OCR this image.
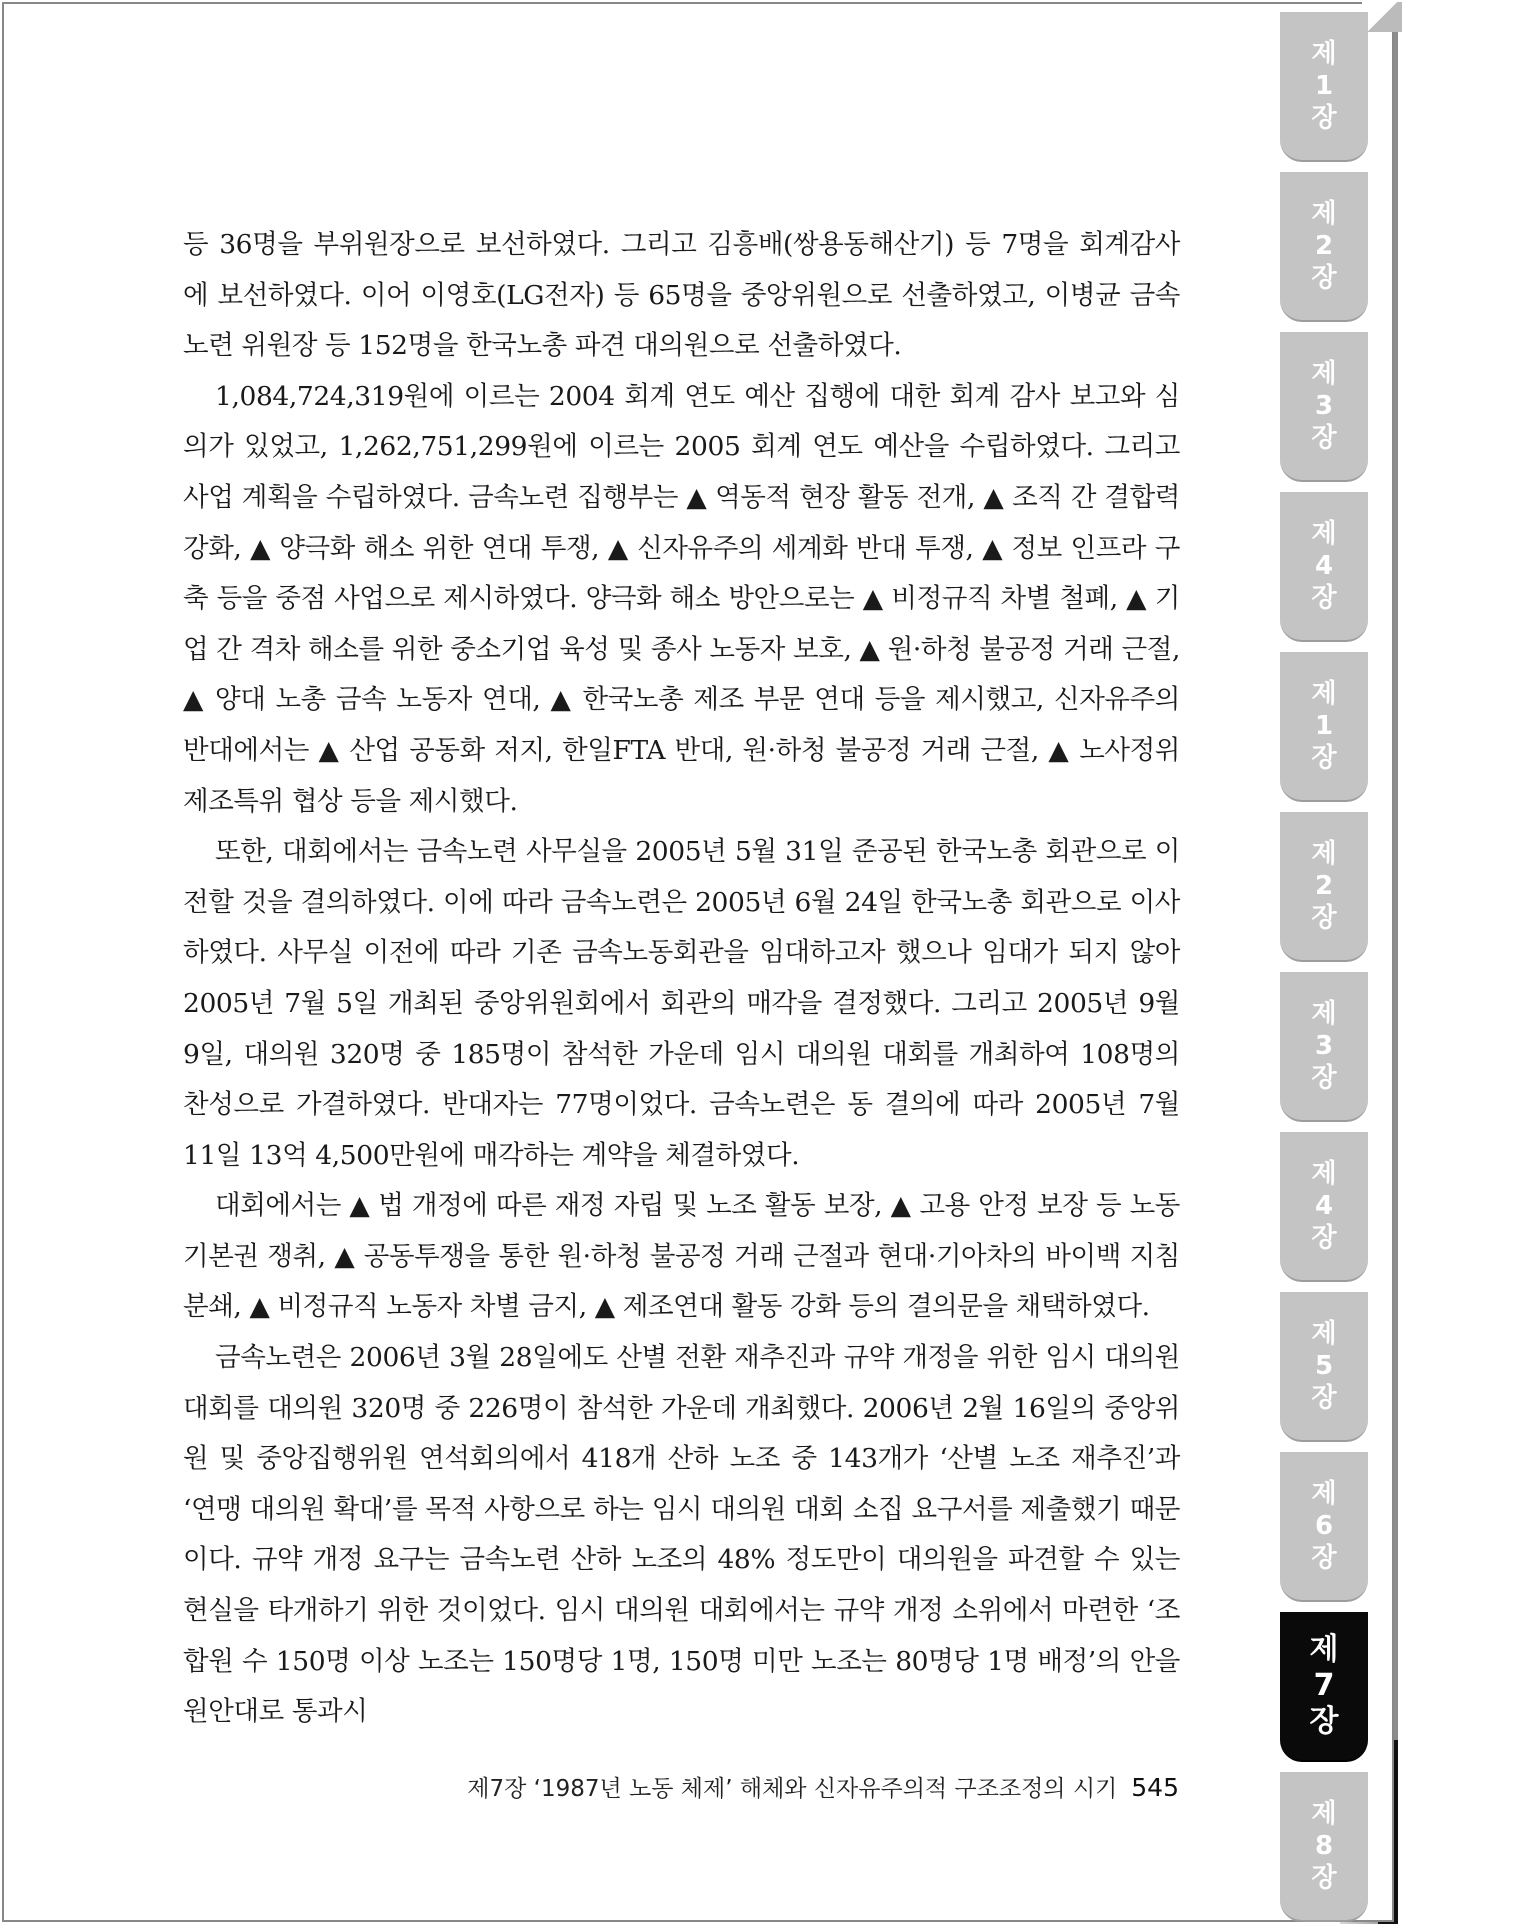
등 36명을 부위원장으로 보선하였다. 그리고 김흥배(쌍용동해산기) 등 7명을 회계감사에 보선하였다. 이어 이영호(LG전자) 등 65명을 중앙위원으로 선출하였고, 이병균 금속노련 위원장 등 152명을 한국노총 파견 대의원으로 선출하였다.

1,084,724,319원에 이르는 2004 회계 연도 예산 집행에 대한 회계 감사 보고와 심의가 있었고, 1,262,751,299원에 이르는 2005 회계 연도 예산을 수립하였다. 그리고 사업 계획을 수립하였다. 금속노련 집행부는 ▲ 역동적 현장 활동 전개, ▲ 조직 간 결합력 강화, ▲ 양극화 해소 위한 연대 투쟁, ▲ 신자유주의 세계화 반대 투쟁, ▲ 정보 인프라 구축 등을 중점 사업으로 제시하였다. 양극화 해소 방안으로는 ▲ 비정규직 차별 철폐, ▲ 기업 간 격차 해소를 위한 중소기업 육성 및 종사 노동자 보호, ▲ 원·하청 불공정 거래 근절, ▲ 양대 노총 금속 노동자 연대, ▲ 한국노총 제조 부문 연대 등을 제시했고, 신자유주의 반대에서는 ▲ 산업 공동화 저지, 한일FTA 반대, 원·하청 불공정 거래 근절, ▲ 노사정위 제조특위 협상 등을 제시했다.

또한, 대회에서는 금속노련 사무실을 2005년 5월 31일 준공된 한국노총 회관으로 이전할 것을 결의하였다. 이에 따라 금속노련은 2005년 6월 24일 한국노총 회관으로 이사하였다. 사무실 이전에 따라 기존 금속노동회관을 임대하고자 했으나 임대가 되지 않아 2005년 7월 5일 개최된 중앙위원회에서 회관의 매각을 결정했다. 그리고 2005년 9월 9일, 대의원 320명 중 185명이 참석한 가운데 임시 대의원 대회를 개최하여 108명의 찬성으로 가결하였다. 반대자는 77명이었다. 금속노련은 동 결의에 따라 2005년 7월 11일 13억 4,500만원에 매각하는 계약을 체결하였다.

대회에서는 ▲ 법 개정에 따른 재정 자립 및 노조 활동 보장, ▲ 고용 안정 보장 등 노동기본권 쟁취, ▲ 공동투쟁을 통한 원·하청 불공정 거래 근절과 현대·기아차의 바이백 지침 분쇄, ▲ 비정규직 노동자 차별 금지, ▲ 제조연대 활동 강화 등의 결의문을 채택하였다.

금속노련은 2006년 3월 28일에도 산별 전환 재추진과 규약 개정을 위한 임시 대의원 대회를 대의원 320명 중 226명이 참석한 가운데 개최했다. 2006년 2월 16일의 중앙위원 및 중앙집행위원 연석회의에서 418개 산하 노조 중 143개가 ‘산별 노조 재추진’과 ‘연맹 대의원 확대’를 목적 사항으로 하는 임시 대의원 대회 소집 요구서를 제출했기 때문이다. 규약 개정 요구는 금속노련 산하 노조의 48% 정도만이 대의원을 파견할 수 있는 현실을 타개하기 위한 것이었다. 임시 대의원 대회에서는 규약 개정 소위에서 마련한 ‘조합원 수 150명 이상 노조는 150명당 1명, 150명 미만 노조는 80명당 1명 배정’의 안을 원안대로 통과시

제7장 ‘1987년 노동 체제’ 해체와 신자유주의적 구조조정의 시기 545
제
1
장
제
2
장
제
3
장
제
4
장
제
1
장
제
2
장
제
3
장
제
4
장
제
5
장
제
6
장
제
7
장
제
8
장
